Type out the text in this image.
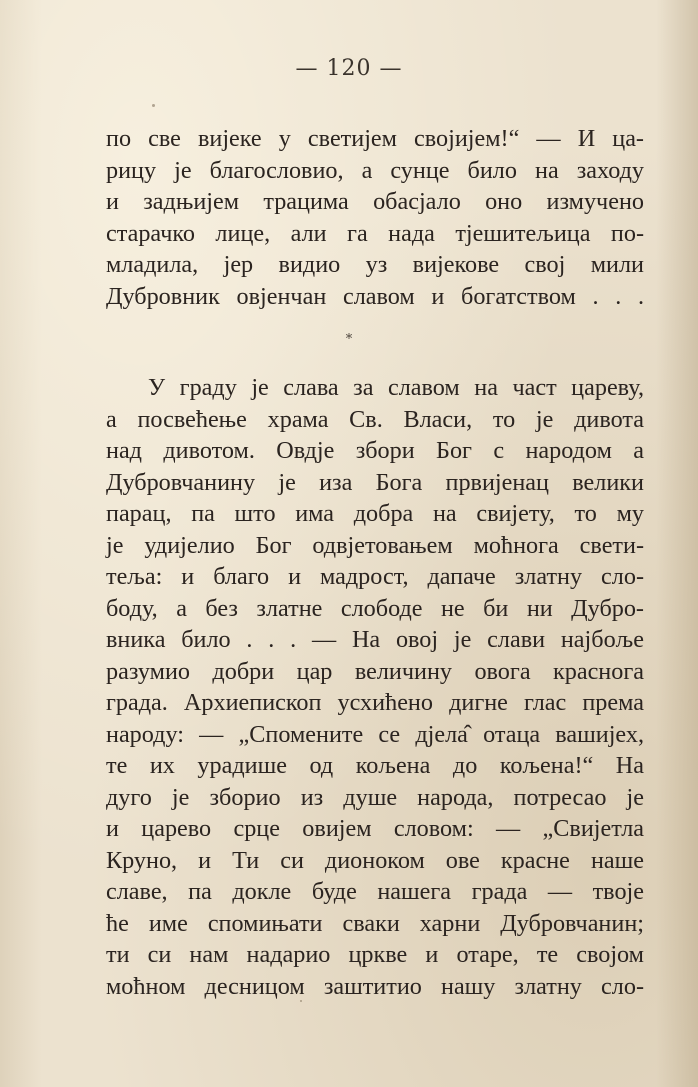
— 120 —
по све вијеке у светијем својијем!“ — И ца-
рицу је благословио, а сунце било на заходу
и задњијем трацима обасјало оно измучено
старачко лице, али га нада тјешитељица по-
младила, јер видио уз вијекове свој мили
Дубровник овјенчан славом и богатством . . .
*
У граду је слава за славом на част цареву,
а посвећење храма Св. Власи, то је дивота
над дивотом. Овдје збори Бог с народом а
Дубровчанину је иза Бога првијенац велики
парац, па што има добра на свијету, то му
је удијелио Бог одвјетовањем моћнога свети-
теља: и благо и мадрост, дапаче златну сло-
боду, а без златне слободе не би ни Дубро-
вника било . . . — На овој је слави најбоље
разумио добри цар величину овога краснога
града. Архиепископ усхићено дигне глас према
народу: — „Спомените се дјела̂ отаца вашијех,
те их урадише од кољена до кољена!“ На
дуго је зборио из душе народа, потресао је
и царево срце овијем словом: — „Свијетла
Круно, и Ти си дионоком ове красне наше
славе, па докле буде нашега града — твоје
ће име спомињати сваки харни Дубровчанин;
ти си нам надарио цркве и отаре, те својом
моћном десницом заштитио нашу златну сло-
